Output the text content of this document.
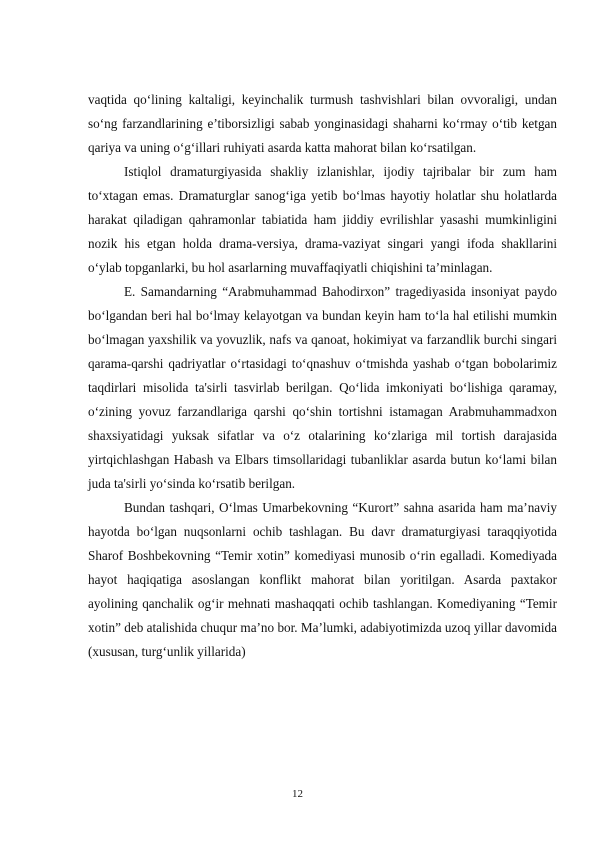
vaqtida qo‘lining kaltaligi, keyinchalik turmush tashvishlari bilan ovvoraligi, undan so‘ng farzandlarining e’tiborsizligi sabab yonginasidagi shaharni ko‘rmay o‘tib ketgan qariya va uning o‘g‘illari ruhiyati asarda katta mahorat bilan ko‘rsatilgan.

Istiqlol dramaturgiyasida shakliy izlanishlar, ijodiy tajribalar bir zum ham to‘xtagan emas. Dramaturglar sanog‘iga yetib bo‘lmas hayotiy holatlar shu holatlarda harakat qiladigan qahramonlar tabiatida ham jiddiy evrilishlar yasashi mumkinligini nozik his etgan holda drama-versiya, drama-vaziyat singari yangi ifoda shakllarini o‘ylab topganlarki, bu hol asarlarning muvaffaqiyatli chiqishini ta’minlagan.

E. Samandarning “Arabmuhammad Bahodirxon” tragediyasida insoniyat paydo bo‘lgandan beri hal bo‘lmay kelayotgan va bundan keyin ham to‘la hal etilishi mumkin bo‘lmagan yaxshilik va yovuzlik, nafs va qanoat, hokimiyat va farzandlik burchi singari qarama-qarshi qadriyatlar o‘rtasidagi to‘qnashuv o‘tmishda yashab o‘tgan bobolarimiz taqdirlari misolida ta'sirli tasvirlab berilgan. Qo‘lida imkoniyati bo‘lishiga qaramay, o‘zining yovuz farzandlariga qarshi qo‘shin tortishni istamagan Arabmuhammadxon shaxsiyatidagi yuksak sifatlar va o‘z otalarining ko‘zlariga mil tortish darajasida yirtqichlashgan Habash va Elbars timsollaridagi tubanliklar asarda butun ko‘lami bilan juda ta'sirli yo‘sinda ko‘rsatib berilgan.

Bundan tashqari, O‘lmas Umarbekovning “Kurort” sahna asarida ham ma’naviy hayotda bo‘lgan nuqsonlarni ochib tashlagan. Bu davr dramaturgiyasi taraqqiyotida Sharof Boshbekovning “Temir xotin” komediyasi munosib o‘rin egalladi. Komediyada hayot haqiqatiga asoslangan konflikt mahorat bilan yoritilgan. Asarda paxtakor ayolining qanchalik og‘ir mehnati mashaqqati ochib tashlangan. Komediyaning “Temir xotin” deb atalishida chuqur ma’no bor. Ma’lumki, adabiyotimizda uzoq yillar davomida (xususan, turg‘unlik yillarida)

12
